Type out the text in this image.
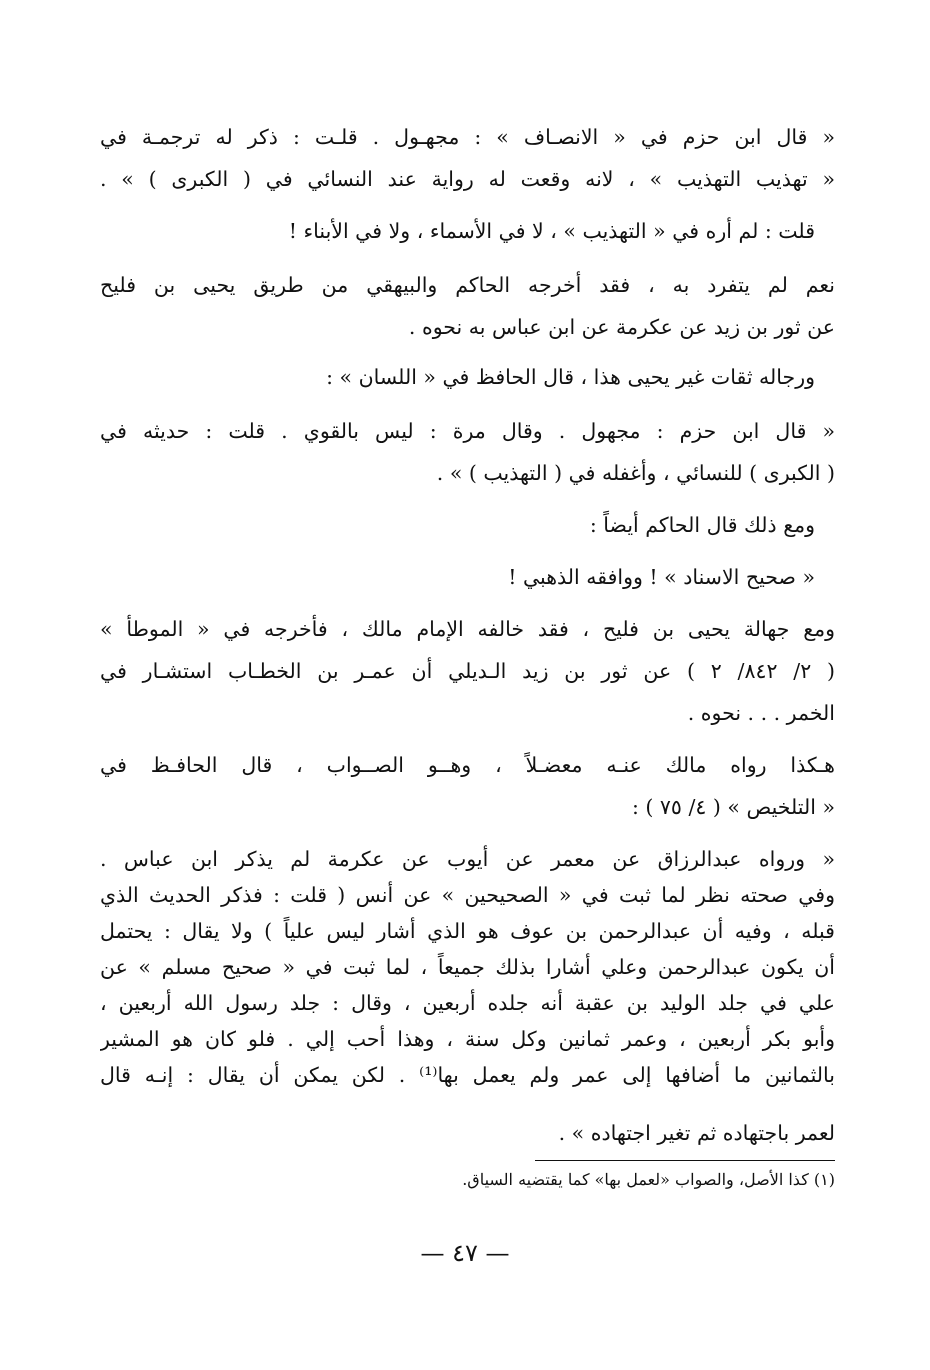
« قال ابن حزم في « الانصـاف » : مجهـول . قلـت : ذكر له ترجمـة في
« تهذيب التهذيب » ، لانه وقعت له رواية عند النسائي في ( الكبرى ) » .
قلت : لم أره في « التهذيب » ، لا في الأسماء ، ولا في الأبناء !
نعم لم يتفرد به ، فقد أخرجه الحاكم والبيهقي من طريق يحيى بن فليح
عن ثور بن زيد عن عكرمة عن ابن عباس به نحوه .
ورجاله ثقات غير يحيى هذا ، قال الحافظ في « اللسان » :
« قال ابن حزم : مجهول . وقال مرة : ليس بالقوي . قلت : حديثه في
( الكبرى ) للنسائي ، وأغفله في ( التهذيب ) » .
ومع ذلك قال الحاكم أيضاً :
« صحيح الاسناد » ! ووافقه الذهبي !
ومع جهالة يحيى بن فليح ، فقد خالفه الإمام مالك ، فأخرجه في « الموطأ »
( ٢/ ٨٤٢/ ٢ ) عن ثور بن زيد الـديلي أن عمـر بن الخطـاب استشـار في
الخمر . . . نحوه .
هـكذا رواه مالك عنـه معضـلاً ، وهــو الصــواب ، قال الحافـظ في
« التلخيص » ( ٤/ ٧٥ ) :
« ورواه عبدالرزاق عن معمر عن أيوب عن عكرمة لم يذكر ابن عباس .
وفي صحته نظر لما ثبت في « الصحيحين » عن أنس ( قلت : فذكر الحديث الذي
قبله ، وفيه أن عبدالرحمن بن عوف هو الذي أشار ليس علياً ) ولا يقال : يحتمل
أن يكون عبدالرحمن وعلي أشارا بذلك جميعاً ، لما ثبت في « صحيح مسلم » عن
علي في جلد الوليد بن عقبة أنه جلده أربعين ، وقال : جلد رسول الله أربعين ،
وأبو بكر أربعين ، وعمر ثمانين وكل سنة ، وهذا أحب إلي . فلو كان هو المشير
بالثمانين ما أضافها إلى عمر ولم يعمل بها⁽¹⁾ . لكن يمكن أن يقال : إنـه قال
لعمر باجتهاده ثم تغير اجتهاده » .
(١) كذا الأصل، والصواب «لعمل بها» كما يقتضيه السياق.
— ٤٧ —
